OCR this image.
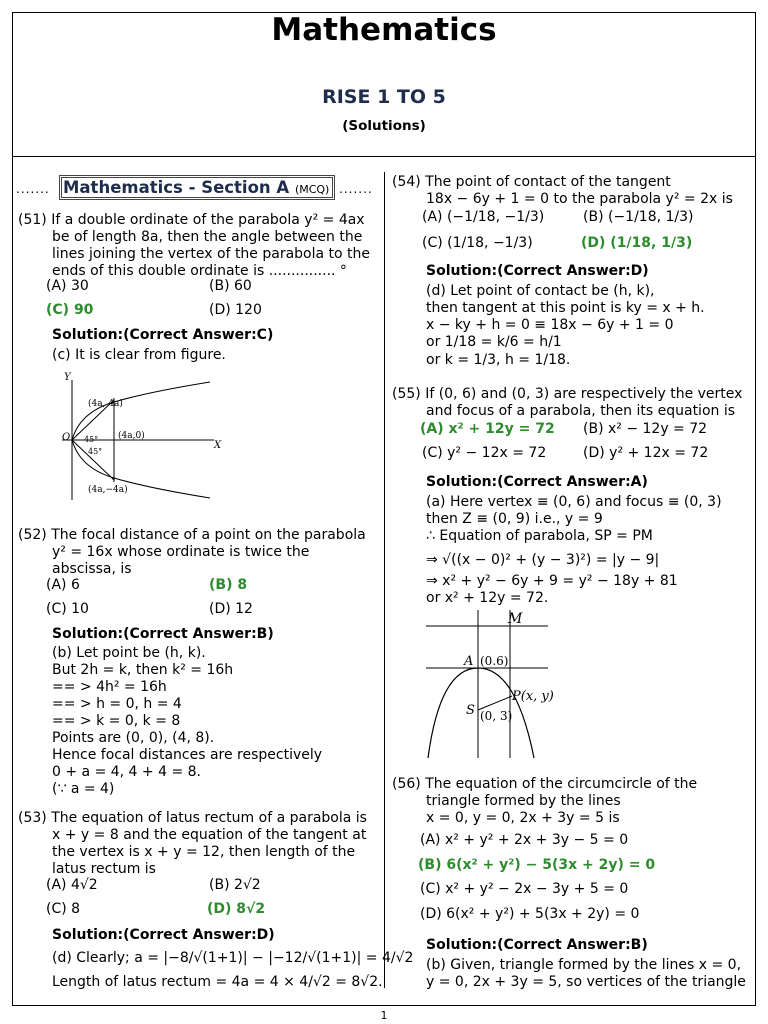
Mathematics
RISE 1 TO 5
(Solutions)
....... Mathematics - Section A (MCQ) .......
(51) If a double ordinate of the parabola y² = 4ax
be of length 8a, then the angle between the
lines joining the vertex of the parabola to the
ends of this double ordinate is ............... °
(A) 30	(B) 60
(C) 90	(D) 120
Solution:(Correct Answer:C)
(c) It is clear from figure.
Y
X
O
(4a, 4a)
(4a,0)
(4a,−4a)
45°
45°
(52) The focal distance of a point on the parabola
y² = 16x whose ordinate is twice the
abscissa, is
(A) 6	(B) 8
(C) 10	(D) 12
Solution:(Correct Answer:B)
(b) Let point be (h, k).
But 2h = k, then k² = 16h
== > 4h² = 16h
== > h = 0, h = 4
== > k = 0, k = 8
Points are (0, 0), (4, 8).
Hence focal distances are respectively
0 + a = 4, 4 + 4 = 8.
(∵ a = 4)
(53) The equation of latus rectum of a parabola is
x + y = 8 and the equation of the tangent at
the vertex is x + y = 12, then length of the
latus rectum is
(A) 4√2	(B) 2√2
(C) 8	(D) 8√2
Solution:(Correct Answer:D)
(d) Clearly; a = |−8/√(1+1)| − |−12/√(1+1)| = 4/√2
Length of latus rectum = 4a = 4 × 4/√2 = 8√2.
(54) The point of contact of the tangent
18x − 6y + 1 = 0 to the parabola y² = 2x is
(A) (−1/18, −1/3)	(B) (−1/18, 1/3)
(C) (1/18, −1/3)	(D) (1/18, 1/3)
Solution:(Correct Answer:D)
(d) Let point of contact be (h, k),
then tangent at this point is ky = x + h.
x − ky + h = 0 ≡ 18x − 6y + 1 = 0
or 1/18 = k/6 = h/1
or k = 1/3, h = 1/18.
(55) If (0, 6) and (0, 3) are respectively the vertex
and focus of a parabola, then its equation is
(A) x² + 12y = 72 (B) x² − 12y = 72
(C) y² − 12x = 72	(D) y² + 12x = 72
Solution:(Correct Answer:A)
(a) Here vertex ≡ (0, 6) and focus ≡ (0, 3)
then Z ≡ (0, 9) i.e., y = 9
∴ Equation of parabola, SP = PM
⇒ √((x − 0)² + (y − 3)²) = |y − 9|
⇒ x² + y² − 6y + 9 = y² − 18y + 81
or x² + 12y = 72.
M
A (0.6)
P(x, y)
S (0, 3)
(56) The equation of the circumcircle of the
triangle formed by the lines
x = 0, y = 0, 2x + 3y = 5 is
(A) x² + y² + 2x + 3y − 5 = 0
(B) 6(x² + y²) − 5(3x + 2y) = 0
(C) x² + y² − 2x − 3y + 5 = 0
(D) 6(x² + y²) + 5(3x + 2y) = 0
Solution:(Correct Answer:B)
(b) Given, triangle formed by the lines x = 0,
y = 0, 2x + 3y = 5, so vertices of the triangle
1
